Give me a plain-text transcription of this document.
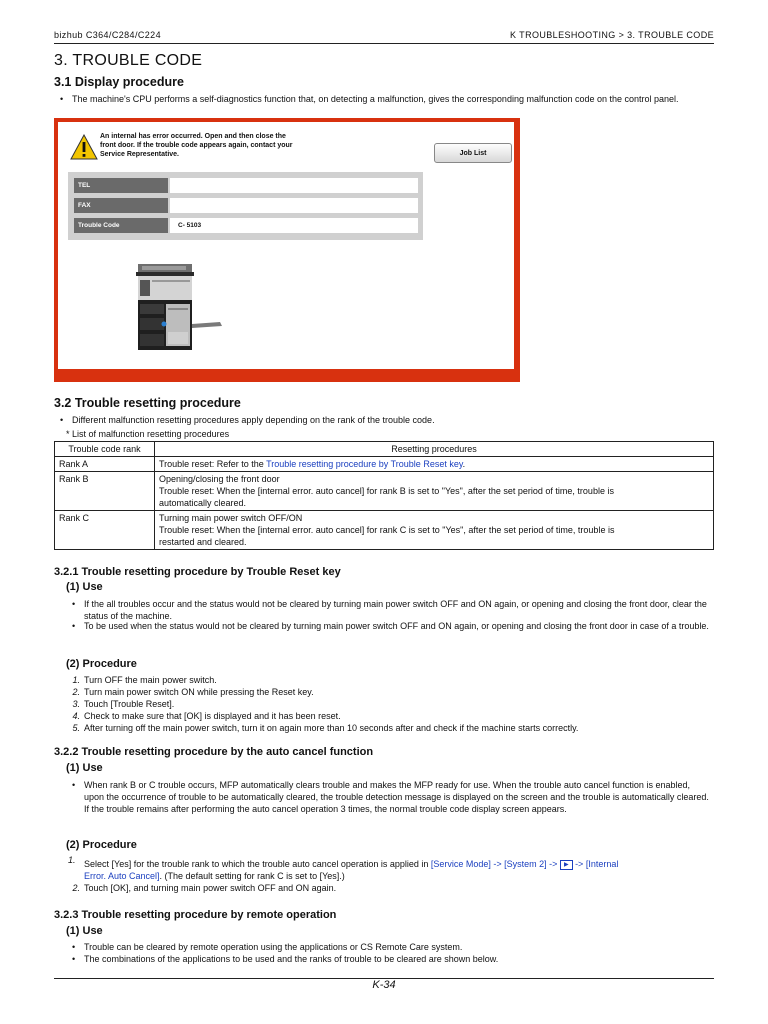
bizhub C364/C284/C224	K TROUBLESHOOTING > 3. TROUBLE CODE
3. TROUBLE CODE
3.1 Display procedure
• The machine's CPU performs a self-diagnostics function that, on detecting a malfunction, gives the corresponding malfunction code on the control panel.
An internal has error occurred. Open and then close the front door. If the trouble code appears again, contact your Service Representative.	Job List
TEL
FAX
Trouble Code	C- 5103
3.2 Trouble resetting procedure
• Different malfunction resetting procedures apply depending on the rank of the trouble code.
* List of malfunction resetting procedures
Trouble code rank	Resetting procedures
Rank A	Trouble reset: Refer to the Trouble resetting procedure by Trouble Reset key.
Rank B	Opening/closing the front door
Trouble reset: When the [internal error. auto cancel] for rank B is set to "Yes", after the set period of time, trouble is
automatically cleared.

Rank C	Turning main power switch OFF/ON
Trouble reset: When the [internal error. auto cancel] for rank C is set to "Yes", after the set period of time, trouble is
restarted and cleared.
3.2.1 Trouble resetting procedure by Trouble Reset key
(1) Use
• If the all troubles occur and the status would not be cleared by turning main power switch OFF and ON again, or opening and closing the front door, clear the status of the machine.
• To be used when the status would not be cleared by turning main power switch OFF and ON again, or opening and closing the front door in case of a trouble.
(2) Procedure
1. Turn OFF the main power switch.
2. Turn main power switch ON while pressing the Reset key.
3. Touch [Trouble Reset].
4. Check to make sure that [OK] is displayed and it has been reset.
5. After turning off the main power switch, turn it on again more than 10 seconds after and check if the machine starts correctly.
3.2.2 Trouble resetting procedure by the auto cancel function
(1) Use
• When rank B or C trouble occurs, MFP automatically clears trouble and makes the MFP ready for use. When the trouble auto cancel function is enabled, upon the occurrence of trouble to be automatically cleared, the trouble detection message is displayed on the screen and the trouble is automatically cleared. If the trouble remains after performing the auto cancel operation 3 times, the normal trouble code display screen appears.
(2) Procedure
1. Select [Yes] for the trouble rank to which the trouble auto cancel operation is applied in [Service Mode] -> [System 2] -> ▶ -> [Internal
Error. Auto Cancel]. (The default setting for rank C is set to [Yes].)
2. Touch [OK], and turning main power switch OFF and ON again.
3.2.3 Trouble resetting procedure by remote operation
(1) Use
• Trouble can be cleared by remote operation using the applications or CS Remote Care system.
• The combinations of the applications to be used and the ranks of trouble to be cleared are shown below.
K-34
